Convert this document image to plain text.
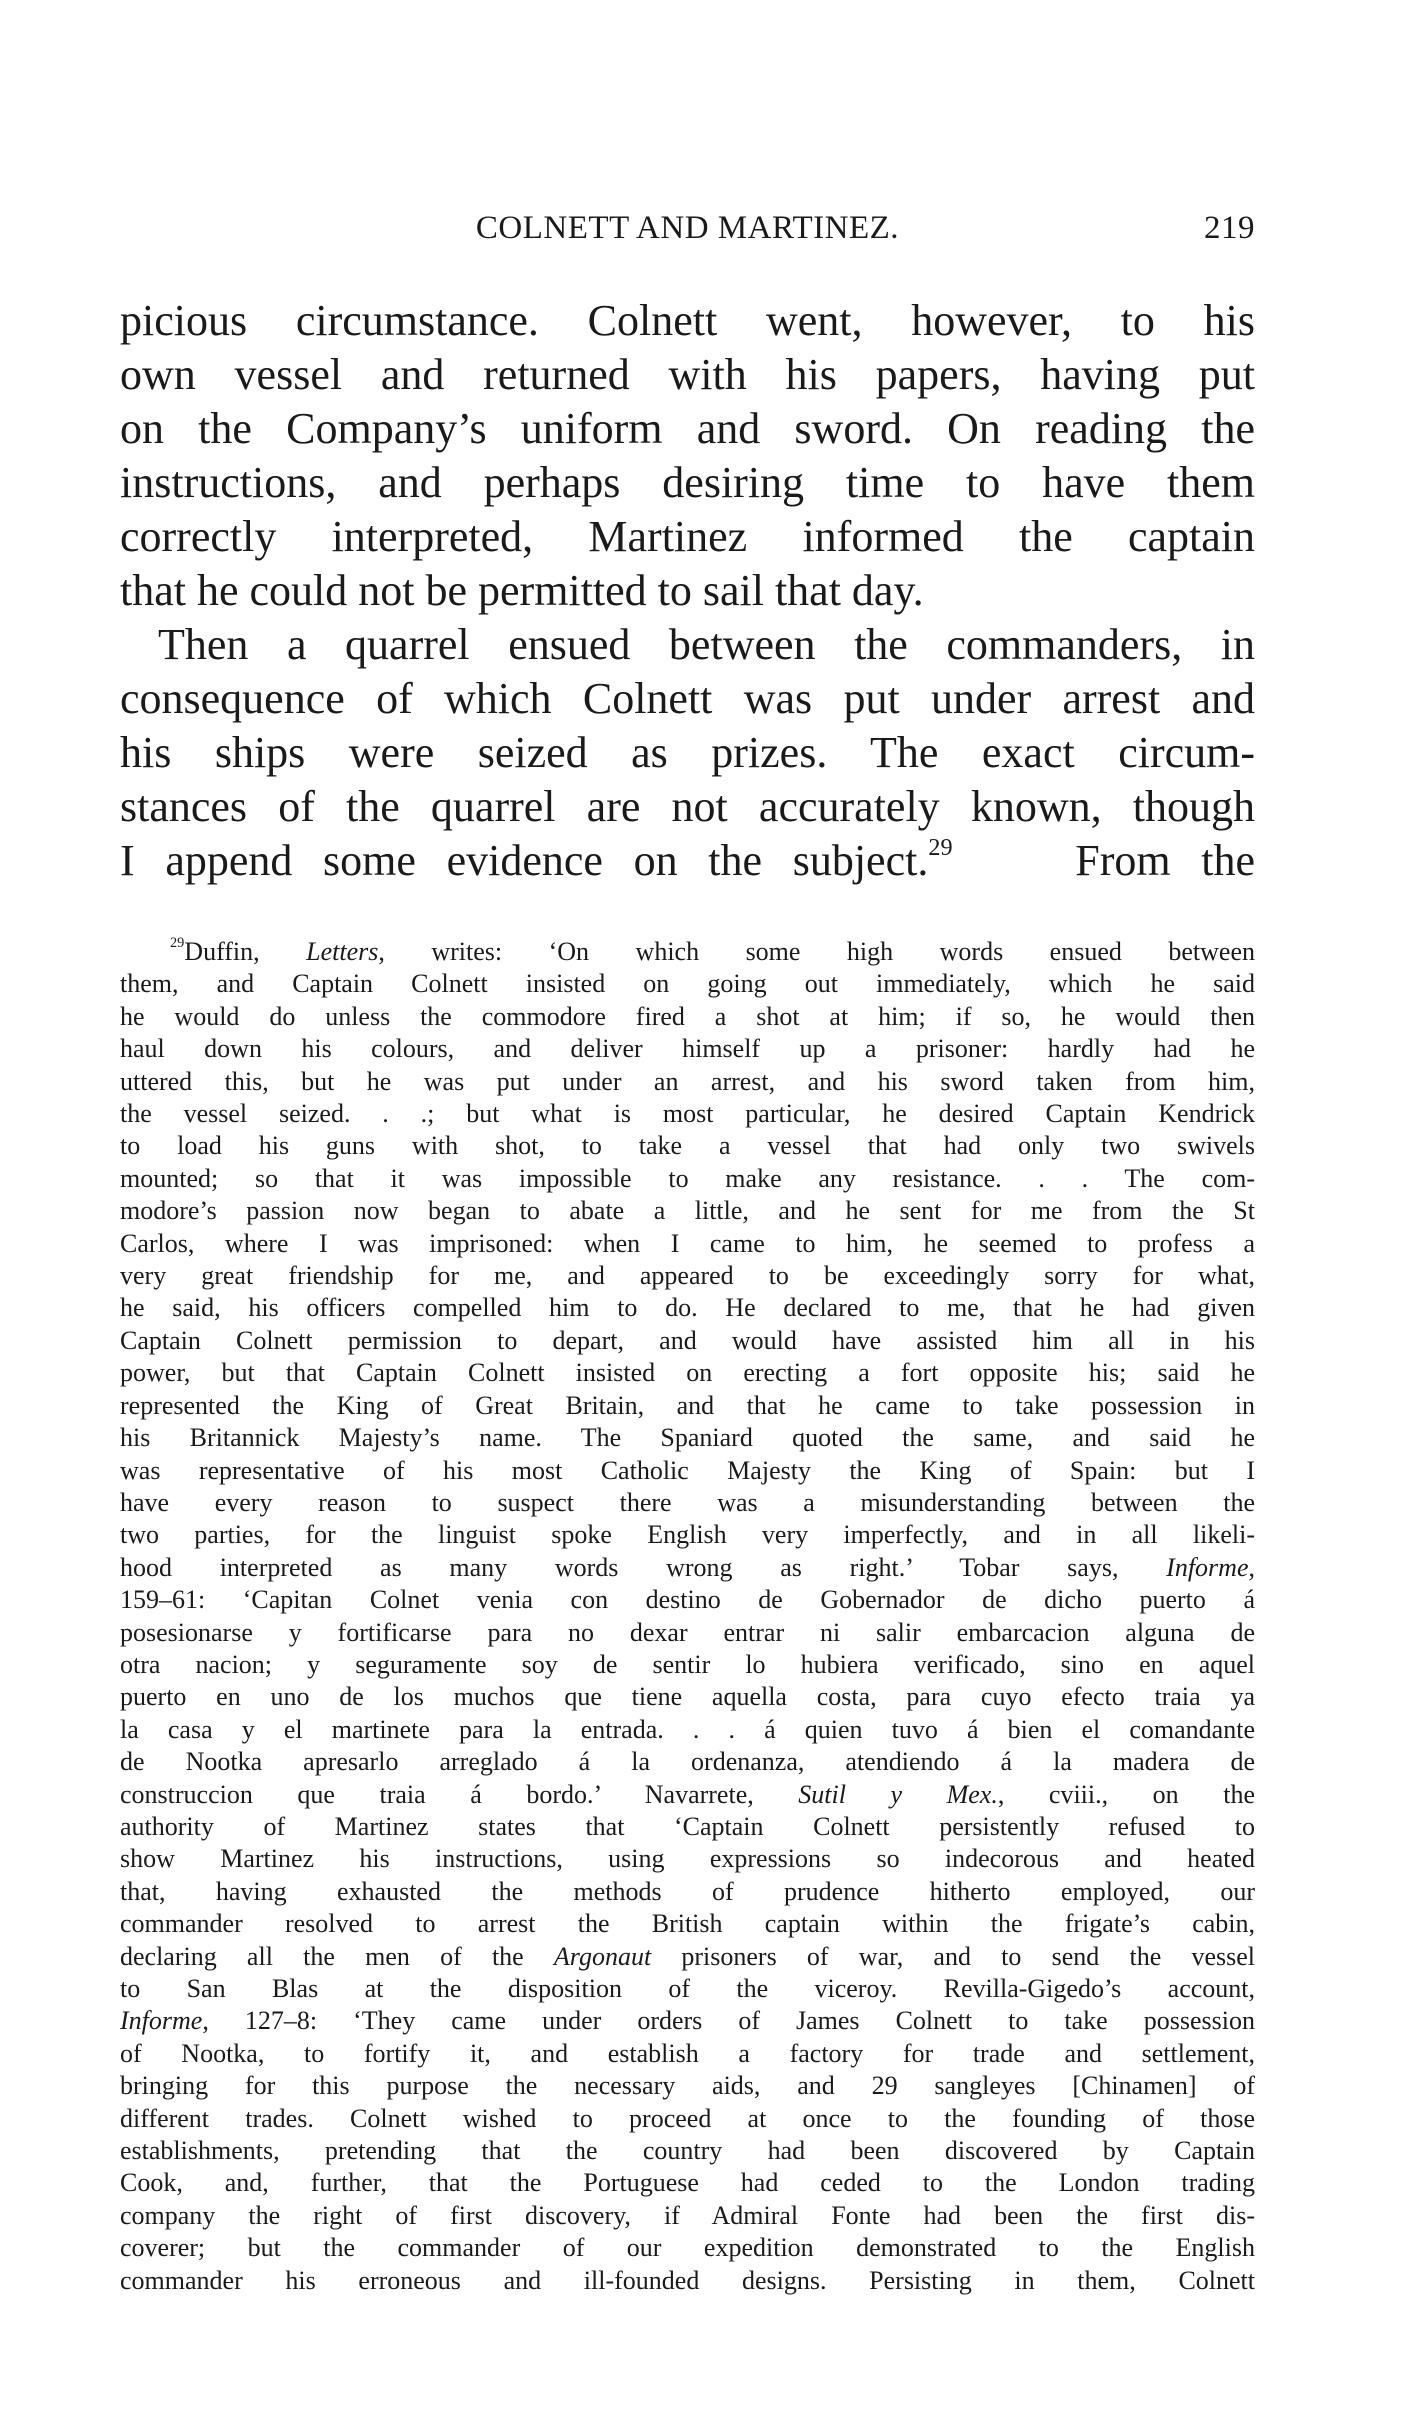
COLNETT AND MARTINEZ.	219
picious circumstance. Colnett went, however, to his
own vessel and returned with his papers, having put
on the Company’s uniform and sword. On reading the
instructions, and perhaps desiring time to have them
correctly interpreted, Martinez informed the captain
that he could not be permitted to sail that day.
Then a quarrel ensued between the commanders, in
consequence of which Colnett was put under arrest and
his ships were seized as prizes. The exact circum-
stances of the quarrel are not accurately known, though
I append some evidence on the subject.$^{29}$	From the
$^{29}$Duffin, Letters, writes: ‘On which some high words ensued between
them, and Captain Colnett insisted on going out immediately, which he said
he would do unless the commodore fired a shot at him; if so, he would then
haul down his colours, and deliver himself up a prisoner: hardly had he
uttered this, but he was put under an arrest, and his sword taken from him,
the vessel seized. . .; but what is most particular, he desired Captain Kendrick
to load his guns with shot, to take a vessel that had only two swivels
mounted; so that it was impossible to make any resistance. . . The com-
modore’s passion now began to abate a little, and he sent for me from the St
Carlos, where I was imprisoned: when I came to him, he seemed to profess a
very great friendship for me, and appeared to be exceedingly sorry for what,
he said, his officers compelled him to do. He declared to me, that he had given
Captain Colnett permission to depart, and would have assisted him all in his
power, but that Captain Colnett insisted on erecting a fort opposite his; said he
represented the King of Great Britain, and that he came to take possession in
his Britannick Majesty’s name. The Spaniard quoted the same, and said he
was representative of his most Catholic Majesty the King of Spain: but I
have every reason to suspect there was a misunderstanding between the
two parties, for the linguist spoke English very imperfectly, and in all likeli-
hood interpreted as many words wrong as right.’ Tobar says, Informe,
159–61: ‘Capitan Colnet venia con destino de Gobernador de dicho puerto á
posesionarse y fortificarse para no dexar entrar ni salir embarcacion alguna de
otra nacion; y seguramente soy de sentir lo hubiera verificado, sino en aquel
puerto en uno de los muchos que tiene aquella costa, para cuyo efecto traia ya
la casa y el martinete para la entrada. . . á quien tuvo á bien el comandante
de Nootka apresarlo arreglado á la ordenanza, atendiendo á la madera de
construccion que traia á bordo.’ Navarrete, Sutil y Mex., cviii., on the
authority of Martinez states that ‘Captain Colnett persistently refused to
show Martinez his instructions, using expressions so indecorous and heated
that, having exhausted the methods of prudence hitherto employed, our
commander resolved to arrest the British captain within the frigate’s cabin,
declaring all the men of the Argonaut prisoners of war, and to send the vessel
to San Blas at the disposition of the viceroy. Revilla-Gigedo’s account,
Informe, 127–8: ‘They came under orders of James Colnett to take possession
of Nootka, to fortify it, and establish a factory for trade and settlement,
bringing for this purpose the necessary aids, and 29 sangleyes [Chinamen] of
different trades. Colnett wished to proceed at once to the founding of those
establishments, pretending that the country had been discovered by Captain
Cook, and, further, that the Portuguese had ceded to the London trading
company the right of first discovery, if Admiral Fonte had been the first dis-
coverer; but the commander of our expedition demonstrated to the English
commander his erroneous and ill-founded designs. Persisting in them, Colnett
